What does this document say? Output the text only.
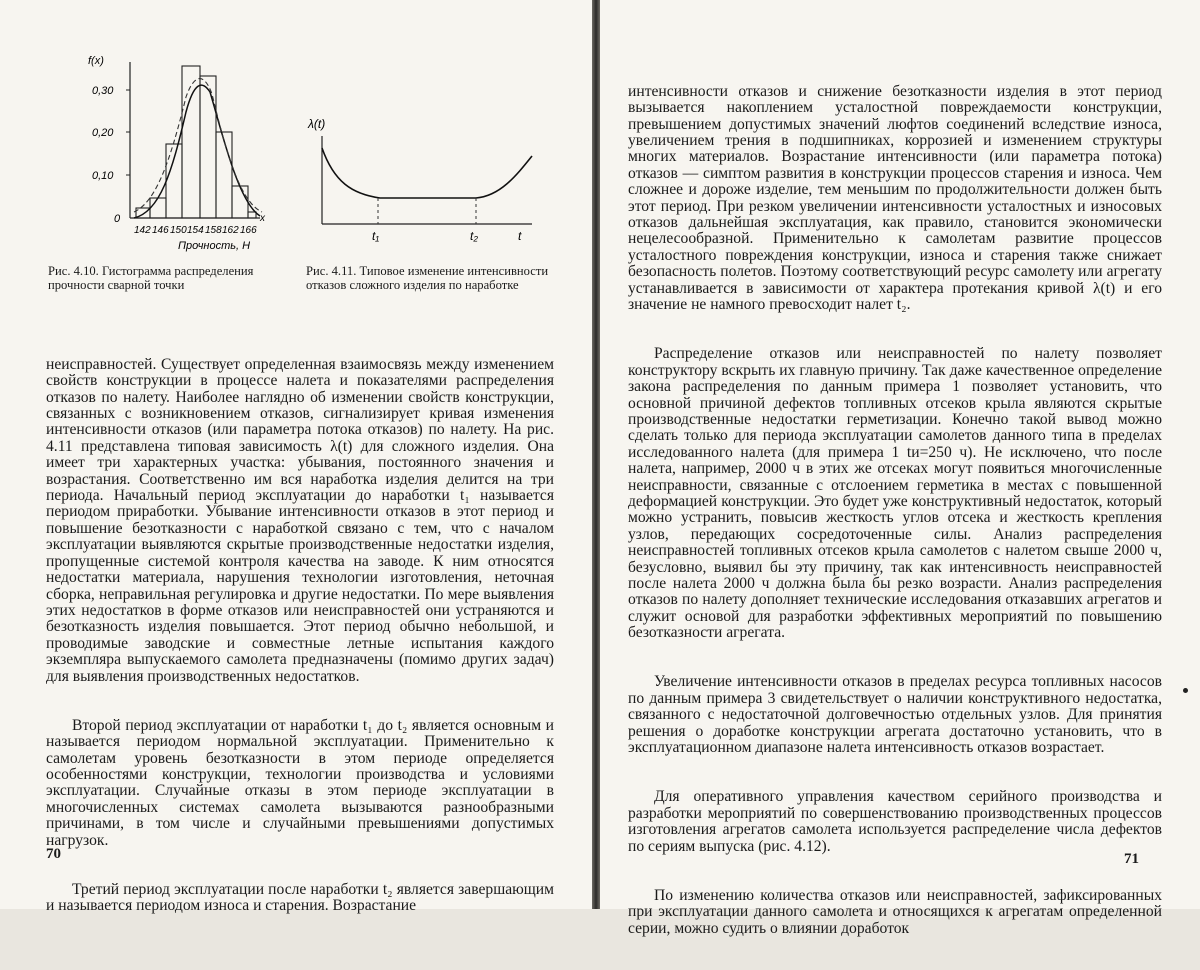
f(x)
0,30
0,20
0,10
0
142 146 150 154 158 162 166
x
Прочность, Н
λ(t)
t₁	t₂	t

Рис. 4.10. Гистограмма распределения прочности сварной точки

Рис. 4.11. Типовое изменение интенсивности отказов сложного изделия по наработке

неисправностей. Существует определенная взаимосвязь между изменением свойств конструкции в процессе налета и показателями распределения отказов по налету. Наиболее наглядно об изменении свойств конструкции, связанных с возникновением отказов, сигнализирует кривая изменения интенсивности отказов (или параметра потока отказов) по налету. На рис. 4.11 представлена типовая зависимость λ(t) для сложного изделия. Она имеет три характерных участка: убывания, постоянного значения и возрастания. Соответственно им вся наработка изделия делится на три периода. Начальный период эксплуатации до наработки t₁ называется периодом приработки. Убывание интенсивности отказов в этот период и повышение безотказности с наработкой связано с тем, что с началом эксплуатации выявляются скрытые производственные недостатки изделия, пропущенные системой контроля качества на заводе. К ним относятся недостатки материала, нарушения технологии изготовления, неточная сборка, неправильная регулировка и другие недостатки. По мере выявления этих недостатков в форме отказов или неисправностей они устраняются и безотказность изделия повышается. Этот период обычно небольшой, и проводимые заводские и совместные летные испытания каждого экземпляра выпускаемого самолета предназначены (помимо других задач) для выявления производственных недостатков.

Второй период эксплуатации от наработки t₁ до t₂ является основным и называется периодом нормальной эксплуатации. Применительно к самолетам уровень безотказности в этом периоде определяется особенностями конструкции, технологии производства и условиями эксплуатации. Случайные отказы в этом периоде эксплуатации в многочисленных системах самолета вызываются разнообразными причинами, в том числе и случайными превышениями допустимых нагрузок.

Третий период эксплуатации после наработки t₂ является завершающим и называется периодом износа и старения. Возрастание

70

интенсивности отказов и снижение безотказности изделия в этот период вызывается накоплением усталостной повреждаемости конструкции, превышением допустимых значений люфтов соединений вследствие износа, увеличением трения в подшипниках, коррозией и изменением структуры многих материалов. Возрастание интенсивности (или параметра потока) отказов — симптом развития в конструкции процессов старения и износа. Чем сложнее и дороже изделие, тем меньшим по продолжительности должен быть этот период. При резком увеличении интенсивности усталостных и износовых отказов дальнейшая эксплуатация, как правило, становится экономически нецелесообразной. Применительно к самолетам развитие процессов усталостного повреждения конструкции, износа и старения также снижает безопасность полетов. Поэтому соответствующий ресурс самолету или агрегату устанавливается в зависимости от характера протекания кривой λ(t) и его значение не намного превосходит налет t₂.

Распределение отказов или неисправностей по налету позволяет конструктору вскрыть их главную причину. Так даже качественное определение закона распределения по данным примера 1 позволяет установить, что основной причиной дефектов топливных отсеков крыла являются скрытые производственные недостатки герметизации. Конечно такой вывод можно сделать только для периода эксплуатации самолетов данного типа в пределах исследованного налета (для примера 1 tи=250 ч). Не исключено, что после налета, например, 2000 ч в этих же отсеках могут появиться многочисленные неисправности, связанные с отслоением герметика в местах с повышенной деформацией конструкции. Это будет уже конструктивный недостаток, который можно устранить, повысив жесткость углов отсека и жесткость крепления узлов, передающих сосредоточенные силы. Анализ распределения неисправностей топливных отсеков крыла самолетов с налетом свыше 2000 ч, безусловно, выявил бы эту причину, так как интенсивность неисправностей после налета 2000 ч должна была бы резко возрасти. Анализ распределения отказов по налету дополняет технические исследования отказавших агрегатов и служит основой для разработки эффективных мероприятий по повышению безотказности агрегата.

Увеличение интенсивности отказов в пределах ресурса топливных насосов по данным примера 3 свидетельствует о наличии конструктивного недостатка, связанного с недостаточной долговечностью отдельных узлов. Для принятия решения о доработке конструкции агрегата достаточно установить, что в эксплуатационном диапазоне налета интенсивность отказов возрастает.

Для оперативного управления качеством серийного производства и разработки мероприятий по совершенствованию производственных процессов изготовления агрегатов самолета используется распределение числа дефектов по сериям выпуска (рис. 4.12).

По изменению количества отказов или неисправностей, зафиксированных при эксплуатации данного самолета и относящихся к агрегатам определенной серии, можно судить о влиянии доработок

71
